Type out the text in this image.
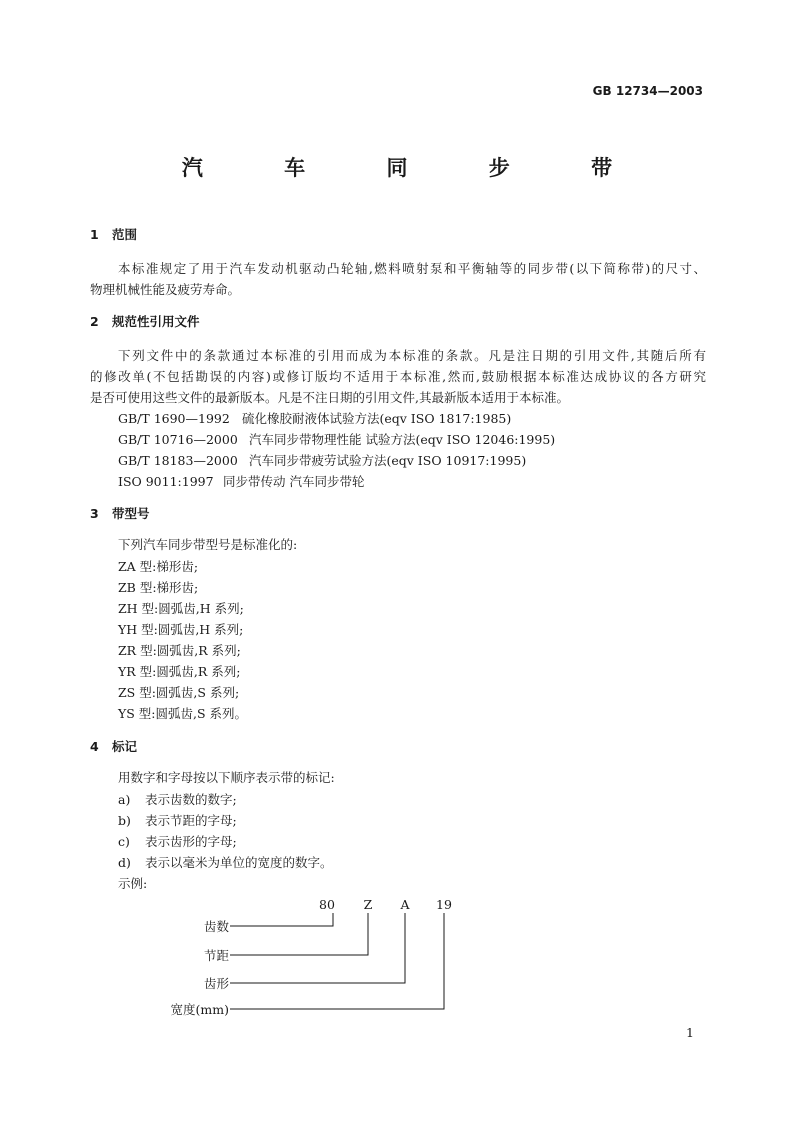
GB 12734—2003
汽 车 同 步 带
1 范围
本标准规定了用于汽车发动机驱动凸轮轴,燃料喷射泵和平衡轴等的同步带(以下简称带)的尺寸、
物理机械性能及疲劳寿命。
2 规范性引用文件
下列文件中的条款通过本标准的引用而成为本标准的条款。凡是注日期的引用文件,其随后所有
的修改单(不包括勘误的内容)或修订版均不适用于本标准,然而,鼓励根据本标准达成协议的各方研究
是否可使用这些文件的最新版本。凡是不注日期的引用文件,其最新版本适用于本标准。
GB/T 1690—1992 硫化橡胶耐液体试验方法(eqv ISO 1817:1985)
GB/T 10716—2000 汽车同步带物理性能 试验方法(eqv ISO 12046:1995)
GB/T 18183—2000 汽车同步带疲劳试验方法(eqv ISO 10917:1995)
ISO 9011:1997 同步带传动 汽车同步带轮
3 带型号
下列汽车同步带型号是标准化的:
ZA 型:梯形齿;
ZB 型:梯形齿;
ZH 型:圆弧齿,H 系列;
YH 型:圆弧齿,H 系列;
ZR 型:圆弧齿,R 系列;
YR 型:圆弧齿,R 系列;
ZS 型:圆弧齿,S 系列;
YS 型:圆弧齿,S 系列。
4 标记
用数字和字母按以下顺序表示带的标记:
a) 表示齿数的数字;
b) 表示节距的字母;
c) 表示齿形的字母;
d) 表示以毫米为单位的宽度的数字。
示例:
80 Z A 19
齿数
节距
齿形
宽度(mm)
1
